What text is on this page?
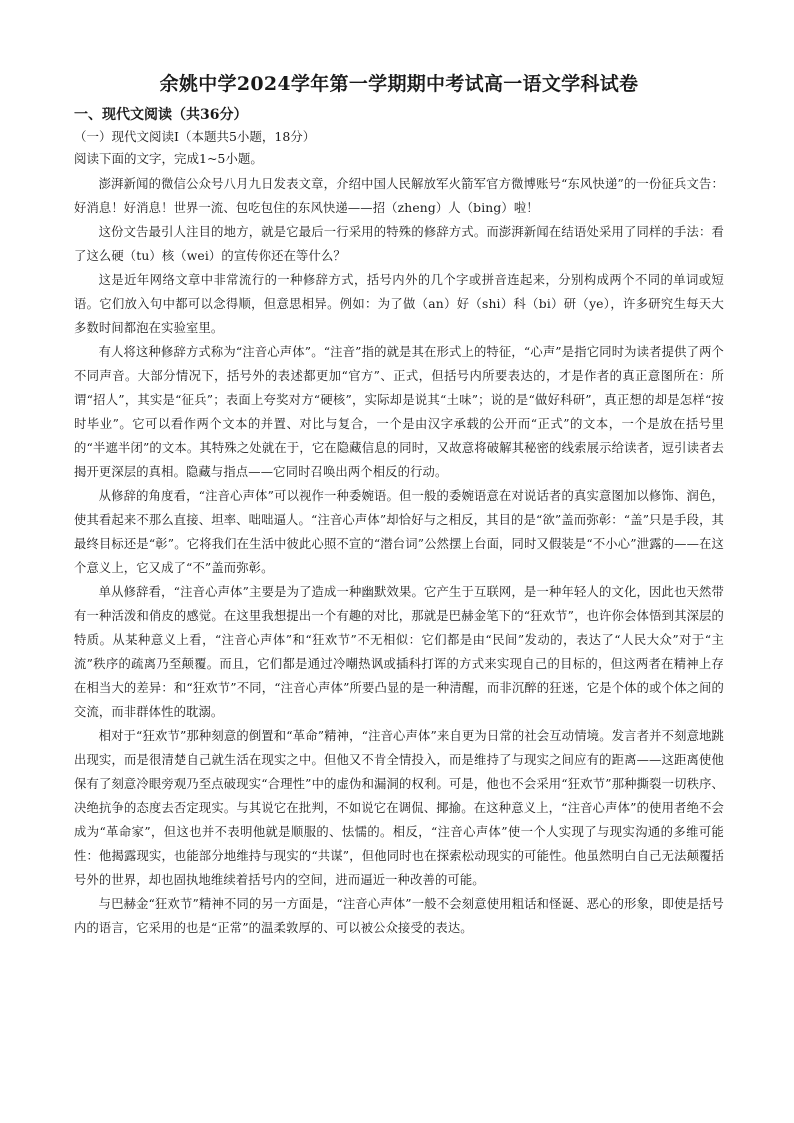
余姚中学2024学年第一学期期中考试高一语文学科试卷

一、现代文阅读（共36分）

（一）现代文阅读Ⅰ（本题共5小题，18分）

阅读下面的文字，完成1~5小题。

澎湃新闻的微信公众号八月九日发表文章，介绍中国人民解放军火箭军官方微博账号“东风快递”的一份征兵文告：好消息！好消息！世界一流、包吃包住的东风快递——招（zheng）人（bing）啦！

这份文告最引人注目的地方，就是它最后一行采用的特殊的修辞方式。而澎湃新闻在结语处采用了同样的手法：看了这么硬（tu）核（wei）的宣传你还在等什么？

这是近年网络文章中非常流行的一种修辞方式，括号内外的几个字或拼音连起来，分别构成两个不同的单词或短语。它们放入句中都可以念得顺，但意思相异。例如：为了做（an）好（shi）科（bi）研（ye），许多研究生每天大多数时间都泡在实验室里。

有人将这种修辞方式称为“注音心声体”。“注音”指的就是其在形式上的特征，“心声”是指它同时为读者提供了两个不同声音。大部分情况下，括号外的表述都更加“官方”、正式，但括号内所要表达的，才是作者的真正意图所在：所谓“招人”，其实是“征兵”；表面上夸奖对方“硬核”，实际却是说其“土味”；说的是“做好科研”，真正想的却是怎样“按时毕业”。它可以看作两个文本的并置、对比与复合，一个是由汉字承载的公开而“正式”的文本，一个是放在括号里的“半遮半闭”的文本。其特殊之处就在于，它在隐藏信息的同时，又故意将破解其秘密的线索展示给读者，逗引读者去揭开更深层的真相。隐藏与指点——它同时召唤出两个相反的行动。

从修辞的角度看，“注音心声体”可以视作一种委婉语。但一般的委婉语意在对说话者的真实意图加以修饰、润色，使其看起来不那么直接、坦率、咄咄逼人。“注音心声体”却恰好与之相反，其目的是“欲”盖而弥彰：“盖”只是手段，其最终目标还是“彰”。它将我们在生活中彼此心照不宣的“潜台词”公然摆上台面，同时又假装是“不小心”泄露的——在这个意义上，它又成了“不”盖而弥彰。

单从修辞看，“注音心声体”主要是为了造成一种幽默效果。它产生于互联网，是一种年轻人的文化，因此也天然带有一种活泼和俏皮的感觉。在这里我想提出一个有趣的对比，那就是巴赫金笔下的“狂欢节”，也许你会体悟到其深层的特质。从某种意义上看，“注音心声体”和“狂欢节”不无相似：它们都是由“民间”发动的，表达了“人民大众”对于“主流”秩序的疏离乃至颠覆。而且，它们都是通过冷嘲热讽或插科打诨的方式来实现自己的目标的，但这两者在精神上存在相当大的差异：和“狂欢节”不同，“注音心声体”所要凸显的是一种清醒，而非沉醉的狂迷，它是个体的或个体之间的交流，而非群体性的耽溺。

相对于“狂欢节”那种刻意的倒置和“革命”精神，“注音心声体”来自更为日常的社会互动情境。发言者并不刻意地跳出现实，而是很清楚自己就生活在现实之中。但他又不肯全情投入，而是维持了与现实之间应有的距离——这距离使他保有了刻意冷眼旁观乃至点破现实“合理性”中的虚伪和漏洞的权利。可是，他也不会采用“狂欢节”那种撕裂一切秩序、决绝抗争的态度去否定现实。与其说它在批判，不如说它在调侃、揶揄。在这种意义上，“注音心声体”的使用者绝不会成为“革命家”，但这也并不表明他就是顺服的、怯懦的。相反，“注音心声体”使一个人实现了与现实沟通的多维可能性：他揭露现实，也能部分地维持与现实的“共谋”，但他同时也在探索松动现实的可能性。他虽然明白自己无法颠覆括号外的世界，却也固执地维续着括号内的空间，进而逼近一种改善的可能。

与巴赫金“狂欢节”精神不同的另一方面是，“注音心声体”一般不会刻意使用粗话和怪诞、恶心的形象，即使是括号内的语言，它采用的也是“正常”的温柔敦厚的、可以被公众接受的表达。
